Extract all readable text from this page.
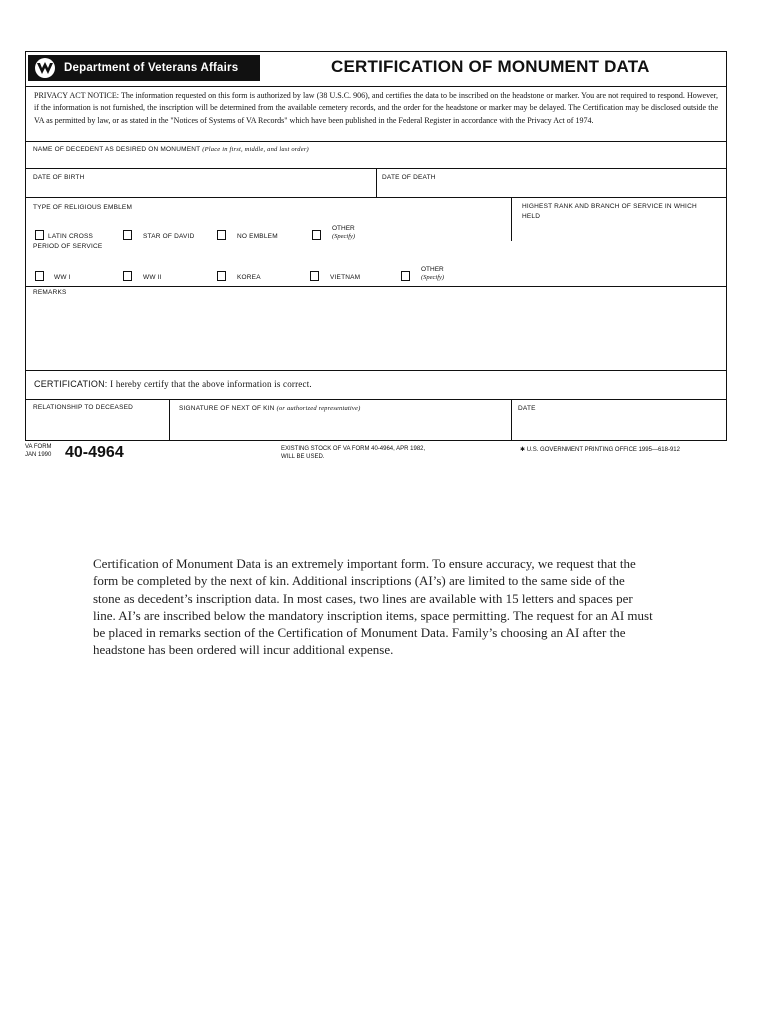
Department of Veterans Affairs	CERTIFICATION OF MONUMENT DATA
PRIVACY ACT NOTICE: The information requested on this form is authorized by law (38 U.S.C. 906), and certifies the data to be inscribed on the headstone or marker. You are not required to respond. However, if the information is not furnished, the inscription will be determined from the available cemetery records, and the order for the headstone or marker may be delayed. The Certification may be disclosed outside the VA as permitted by law, or as stated in the "Notices of Systems of VA Records" which have been published in the Federal Register in accordance with the Privacy Act of 1974.
NAME OF DECEDENT AS DESIRED ON MONUMENT (Place in first, middle, and last order)
DATE OF BIRTH	DATE OF DEATH
TYPE OF RELIGIOUS EMBLEM
LATIN CROSS	STAR OF DAVID	NO EMBLEM
OTHER
(Specify)
HIGHEST RANK AND BRANCH OF SERVICE IN WHICH HELD
PERIOD OF SERVICE
WW I	WW II	KOREA	VIETNAM
OTHER
(Specify)
REMARKS
CERTIFICATION: I hereby certify that the above information is correct.
RELATIONSHIP TO DECEASED	SIGNATURE OF NEXT OF KIN (or authorized representative)	DATE
VA FORM
JAN 1990 40-4964	EXISTING STOCK OF VA FORM 40-4964, APR 1982,
WILL BE USED.
✱ U.S. GOVERNMENT PRINTING OFFICE 1995—618-912
Certification of Monument Data is an extremely important form. To ensure accuracy, we request that the form be completed by the next of kin. Additional inscriptions (AI’s) are limited to the same side of the stone as decedent’s inscription data. In most cases, two lines are available with 15 letters and spaces per line. AI’s are inscribed below the mandatory inscription items, space permitting. The request for an AI must be placed in remarks section of the Certification of Monument Data. Family’s choosing an AI after the headstone has been ordered will incur additional expense.
